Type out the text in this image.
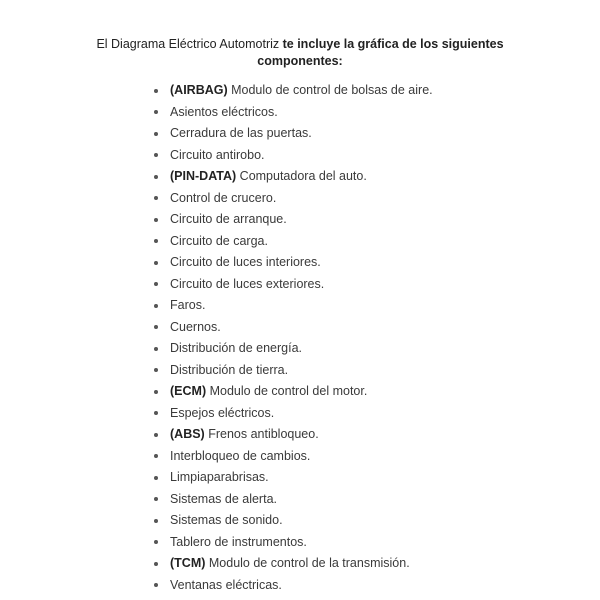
El Diagrama Eléctrico Automotriz te incluye la gráfica de los siguientes
componentes:
(AIRBAG) Modulo de control de bolsas de aire.
Asientos eléctricos.
Cerradura de las puertas.
Circuito antirobo.
(PIN-DATA) Computadora del auto.
Control de crucero.
Circuito de arranque.
Circuito de carga.
Circuito de luces interiores.
Circuito de luces exteriores.
Faros.
Cuernos.
Distribución de energía.
Distribución de tierra.
(ECM) Modulo de control del motor.
Espejos eléctricos.
(ABS) Frenos antibloqueo.
Interbloqueo de cambios.
Limpiaparabrisas.
Sistemas de alerta.
Sistemas de sonido.
Tablero de instrumentos.
(TCM) Modulo de control de la transmisión.
Ventanas eléctricas.
